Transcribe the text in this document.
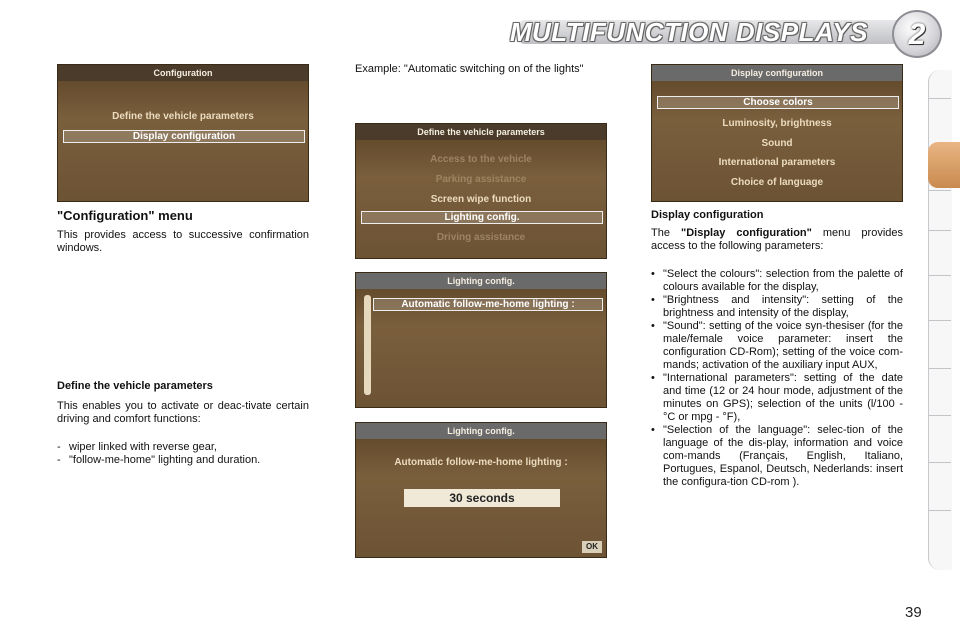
MULTIFUNCTION DISPLAYS	2
Configuration
Define the vehicle parameters
Display configuration
"Configuration" menu
This provides access to successive confirmation windows.
Define the vehicle parameters
This enables you to activate or deac-tivate certain driving and comfort functions:
- wiper linked with reverse gear,
- "follow-me-home" lighting and duration.
Example: "Automatic switching on of the lights"
Define the vehicle parameters
Access to the vehicle
Parking assistance
Screen wipe function
Lighting config.
Driving assistance
Lighting config.
Automatic follow-me-home lighting :
Lighting config.
Automatic follow-me-home lighting :
30 seconds
OK
Display configuration
Choose colors
Luminosity, brightness
Sound
International parameters
Choice of language
Display configuration
The "Display configuration" menu provides access to the following parameters:
• "Select the colours": selection from the palette of colours available for the display,
• "Brightness and intensity": setting of the brightness and intensity of the display,
• "Sound": setting of the voice syn-thesiser (for the male/female voice parameter: insert the configuration CD-Rom); setting of the voice com-mands; activation of the auxiliary input AUX,
• "International parameters": setting of the date and time (12 or 24 hour mode, adjustment of the minutes on GPS); selection of the units (l/100 - °C or mpg - °F),
• "Selection of the language": selec-tion of the language of the dis-play, information and voice com-mands (Français, English, Italiano, Portugues, Espanol, Deutsch, Nederlands: insert the configura-tion CD-rom ).
39
